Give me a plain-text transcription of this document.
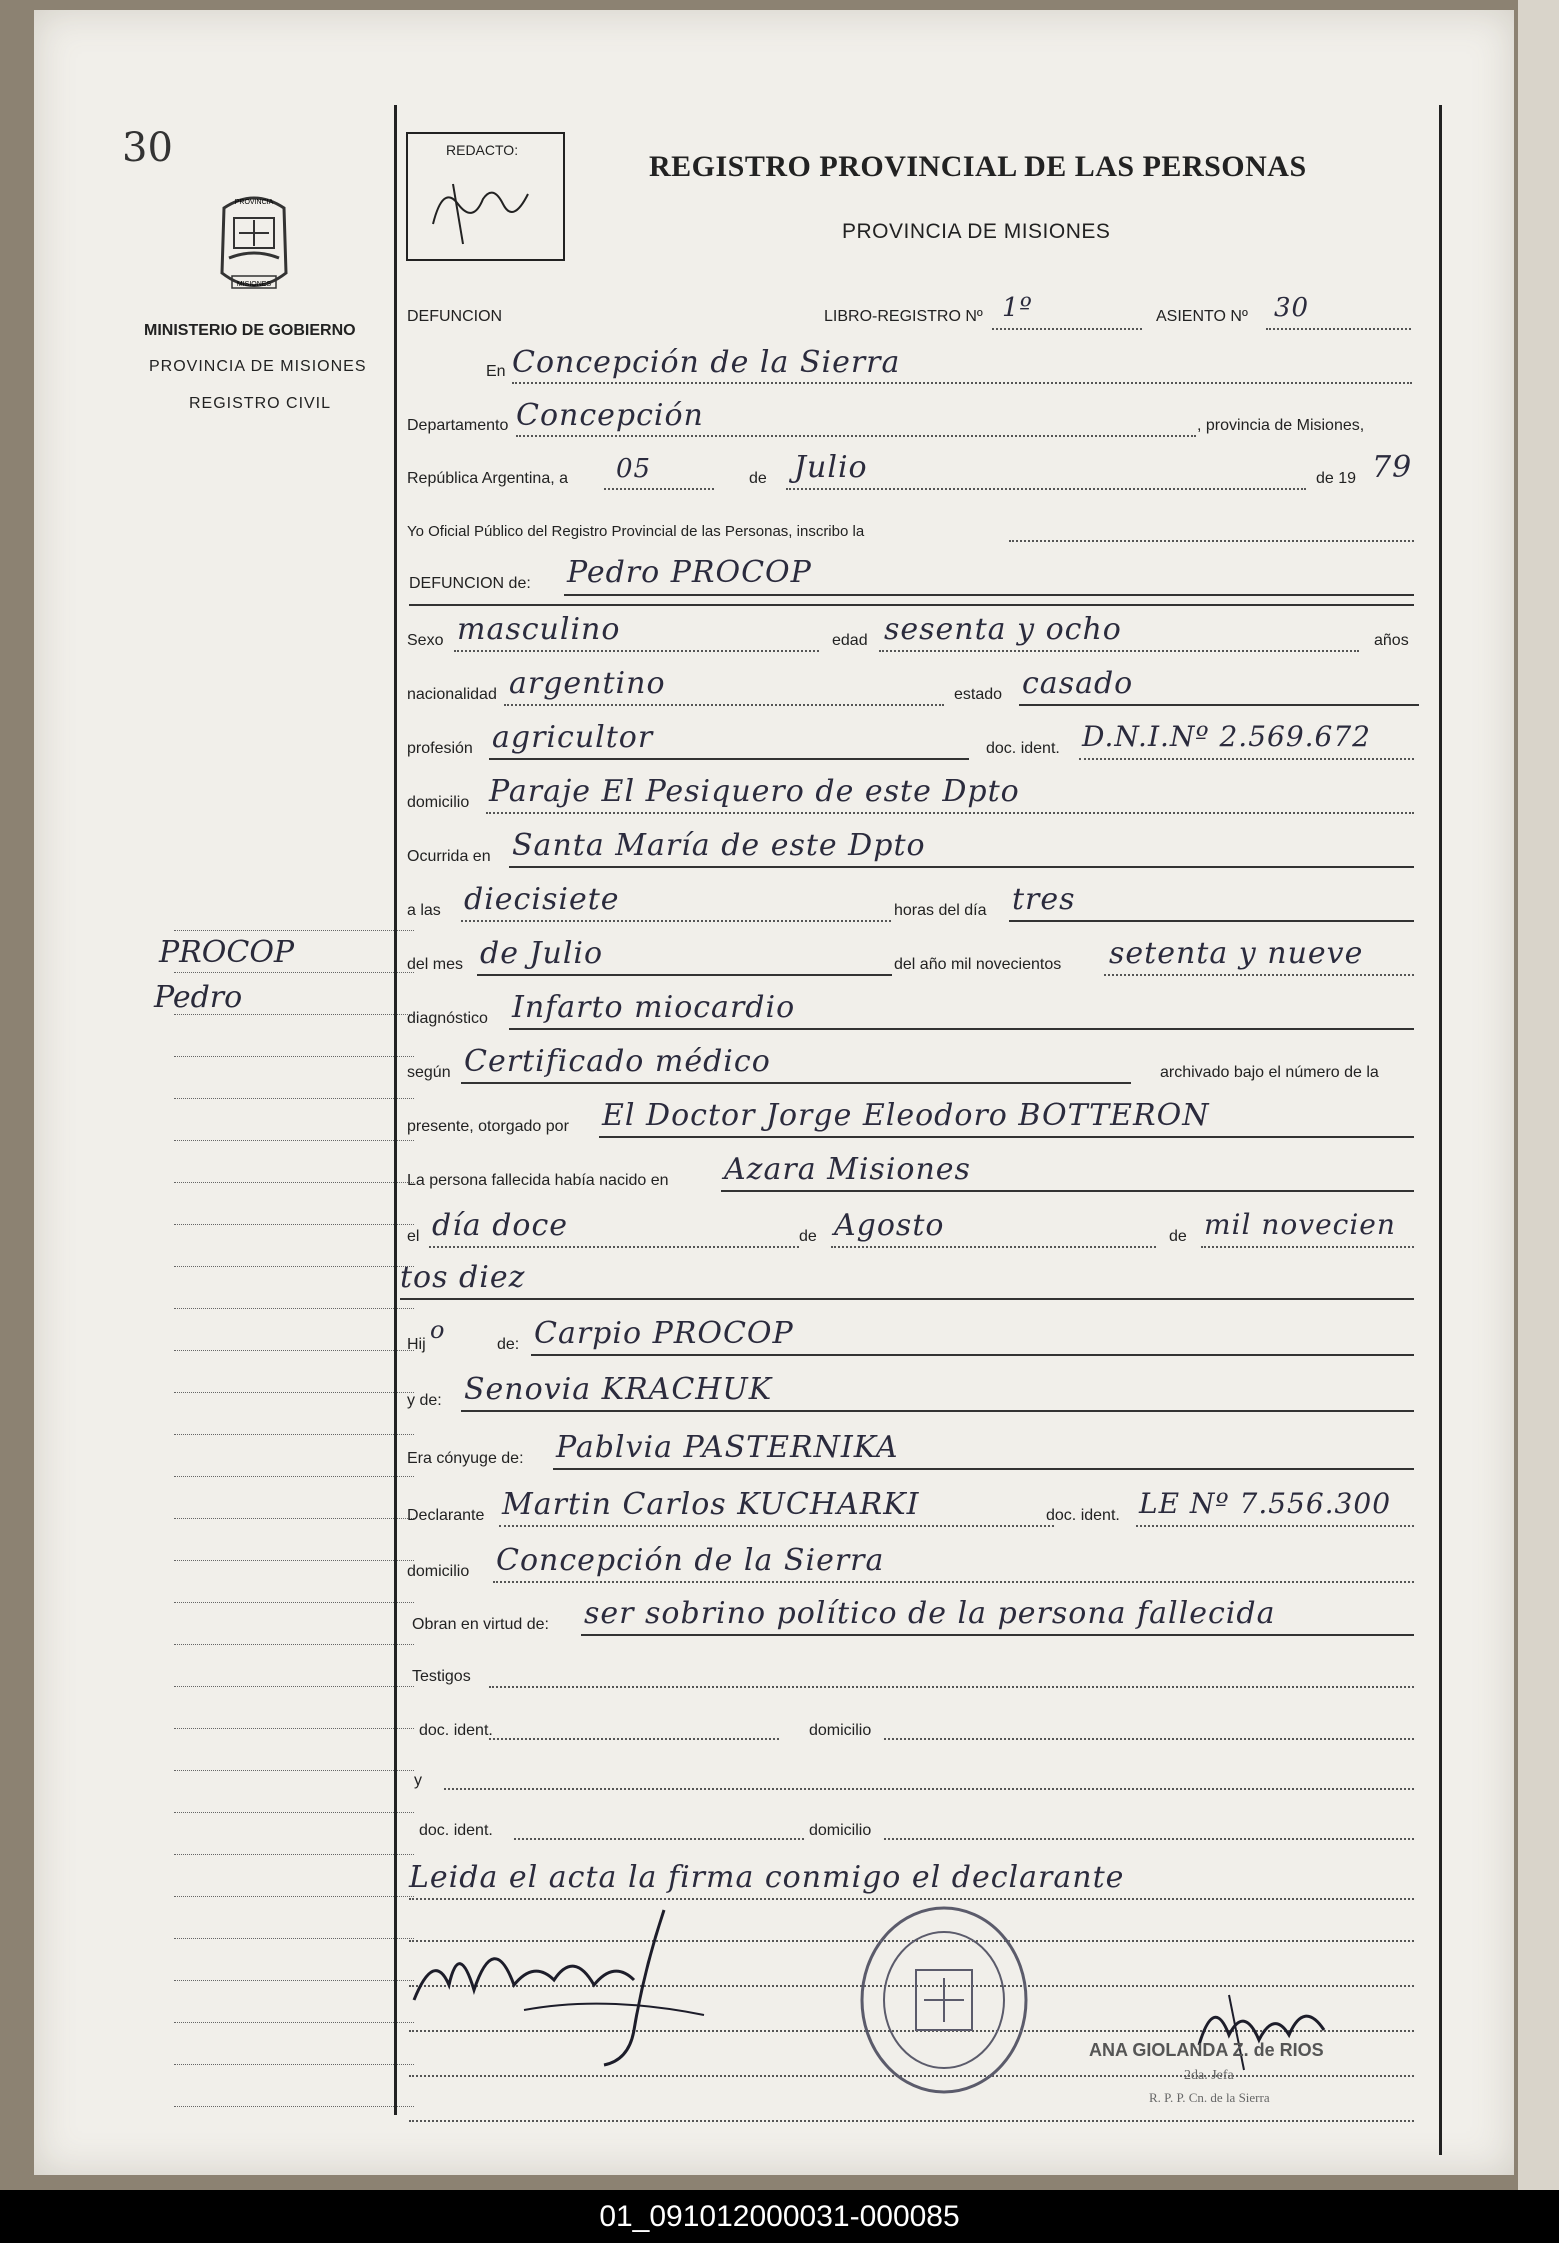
30
PROVINCIA
MISIONES
MINISTERIO DE GOBIERNO
PROVINCIA DE MISIONES
REGISTRO CIVIL
PROCOP
Pedro
REDACTO:	REGISTRO PROVINCIAL DE LAS PERSONAS
PROVINCIA DE MISIONES
DEFUNCION	LIBRO-REGISTRO Nº 1º	ASIENTO Nº 30
En Concepción de la Sierra
Departamento Concepción	, provincia de Misiones,
República Argentina, a 05	de Julio	de 19 79
Yo Oficial Público del Registro Provincial de las Personas, inscribo la
DEFUNCION de: Pedro PROCOP
Sexo masculino	edad sesenta y ocho	años
nacionalidad argentino	estado casado
profesión agricultor	doc. ident. D.N.I.Nº 2.569.672
domicilio Paraje El Pesiquero de este Dpto
Ocurrida en Santa María de este Dpto
a las diecisiete	horas del día tres
del mes de Julio	del año mil novecientos setenta y nueve
diagnóstico Infarto miocardio
según Certificado médico	archivado bajo el número de la
presente, otorgado por El Doctor Jorge Eleodoro BOTTERON
La persona fallecida había nacido en Azara Misiones
el día doce	de Agosto	de mil novecien
tos diez
Hij
o
de: Carpio PROCOP
y de: Senovia KRACHUK
Era cónyuge de: Pablvia PASTERNIKA
Declarante Martin Carlos KUCHARKI	doc. ident. LE Nº 7.556.300
domicilio Concepción de la Sierra
Obran en virtud de: ser sobrino político de la persona fallecida
Testigos
doc. ident.	domicilio
y
doc. ident.	domicilio
Leida el acta la firma conmigo el declarante
ANA GIOLANDA Z. de RIOS
2da. Jefa
R. P. P. Cn. de la Sierra
01_091012000031-000085
